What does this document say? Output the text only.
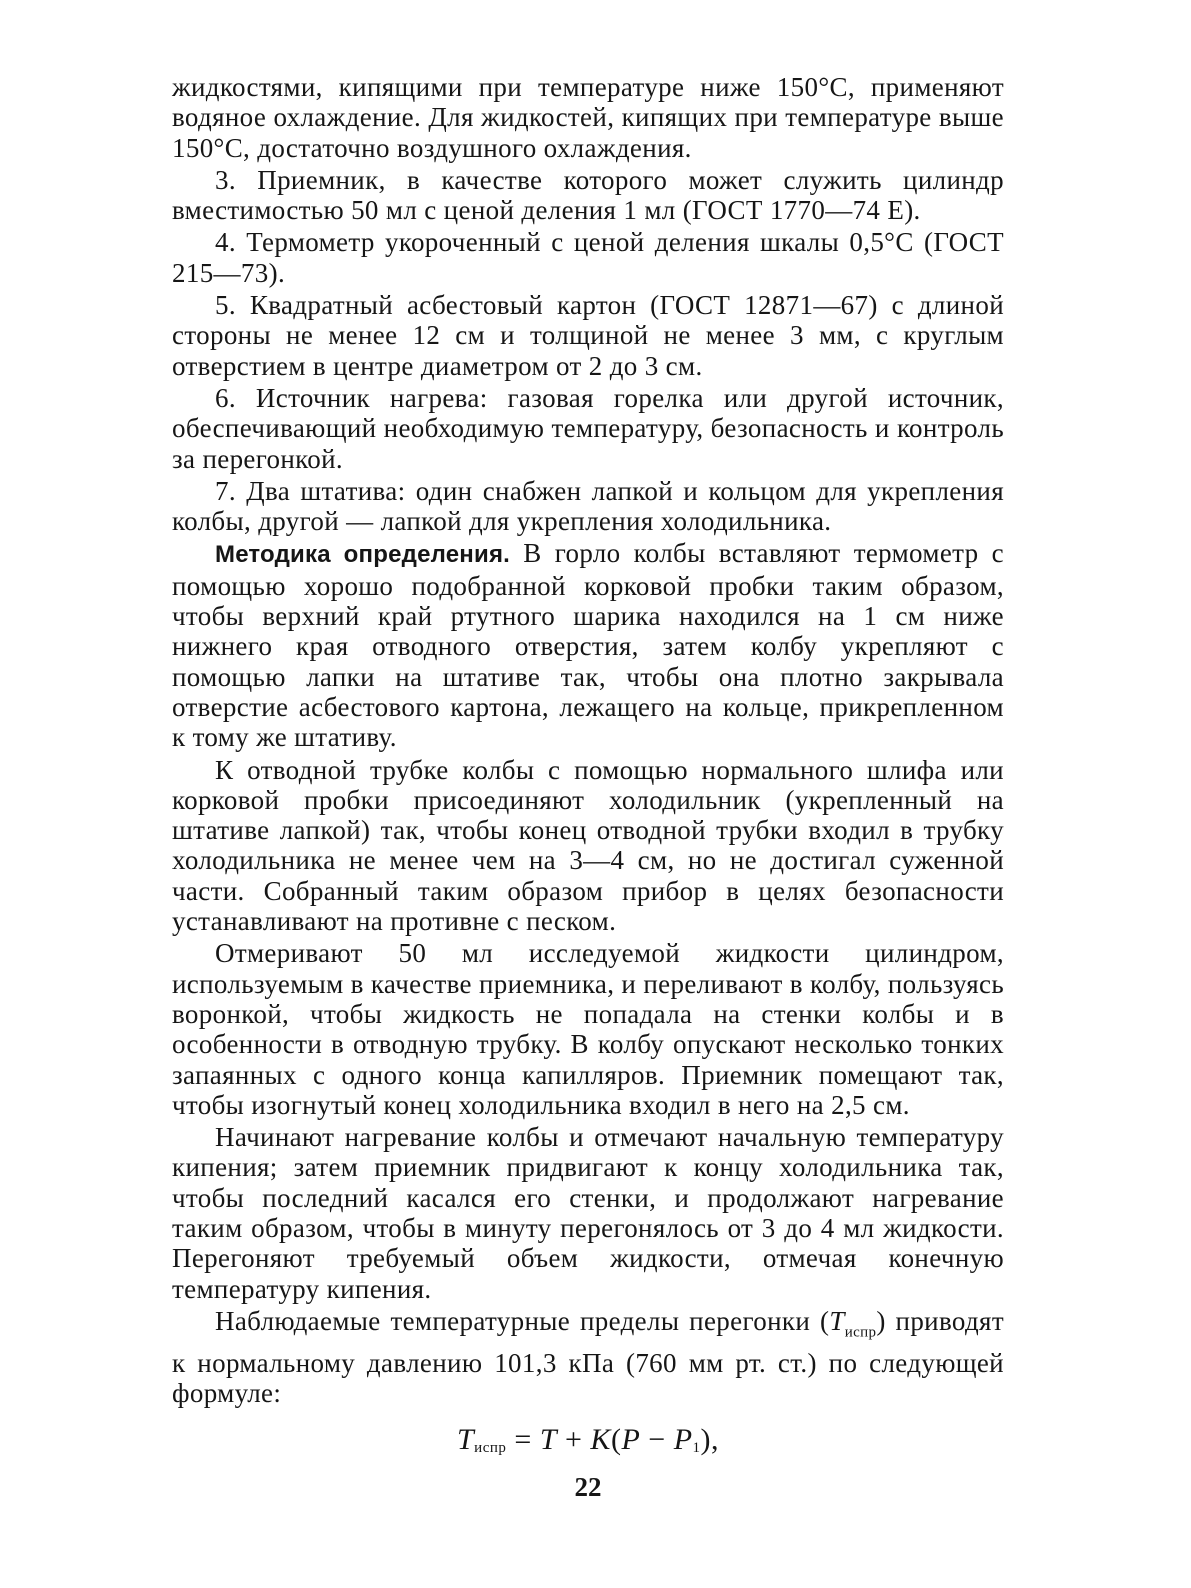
жидкостями, кипящими при температуре ниже 150°С, применяют водяное охлаждение. Для жидкостей, кипящих при температуре выше 150°С, достаточно воздушного охлаждения.

3. Приемник, в качестве которого может служить цилиндр вместимостью 50 мл с ценой деления 1 мл (ГОСТ 1770—74 Е).

4. Термометр укороченный с ценой деления шкалы 0,5°С (ГОСТ 215—73).

5. Квадратный асбестовый картон (ГОСТ 12871—67) с длиной стороны не менее 12 см и толщиной не менее 3 мм, с круглым отверстием в центре диаметром от 2 до 3 см.

6. Источник нагрева: газовая горелка или другой источник, обеспечивающий необходимую температуру, безопасность и контроль за перегонкой.

7. Два штатива: один снабжен лапкой и кольцом для укрепления колбы, другой — лапкой для укрепления холодильника.

Методика определения. В горло колбы вставляют термометр с помощью хорошо подобранной корковой пробки таким образом, чтобы верхний край ртутного шарика находился на 1 см ниже нижнего края отводного отверстия, затем колбу укрепляют с помощью лапки на штативе так, чтобы она плотно закрывала отверстие асбестового картона, лежащего на кольце, прикрепленном к тому же штативу.

К отводной трубке колбы с помощью нормального шлифа или корковой пробки присоединяют холодильник (укрепленный на штативе лапкой) так, чтобы конец отводной трубки входил в трубку холодильника не менее чем на 3—4 см, но не достигал суженной части. Собранный таким образом прибор в целях безопасности устанавливают на противне с песком.

Отмеривают 50 мл исследуемой жидкости цилиндром, используемым в качестве приемника, и переливают в колбу, пользуясь воронкой, чтобы жидкость не попадала на стенки колбы и в особенности в отводную трубку. В колбу опускают несколько тонких запаянных с одного конца капилляров. Приемник помещают так, чтобы изогнутый конец холодильника входил в него на 2,5 см.

Начинают нагревание колбы и отмечают начальную температуру кипения; затем приемник придвигают к концу холодильника так, чтобы последний касался его стенки, и продолжают нагревание таким образом, чтобы в минуту перегонялось от 3 до 4 мл жидкости. Перегоняют требуемый объем жидкости, отмечая конечную температуру кипения.

Наблюдаемые температурные пределы перегонки $(T_{испр})$ приводят к нормальному давлению 101,3 кПа (760 мм рт. ст.) по следующей формуле:

$T_{испр} = T + K(P - P_1)$,
22
